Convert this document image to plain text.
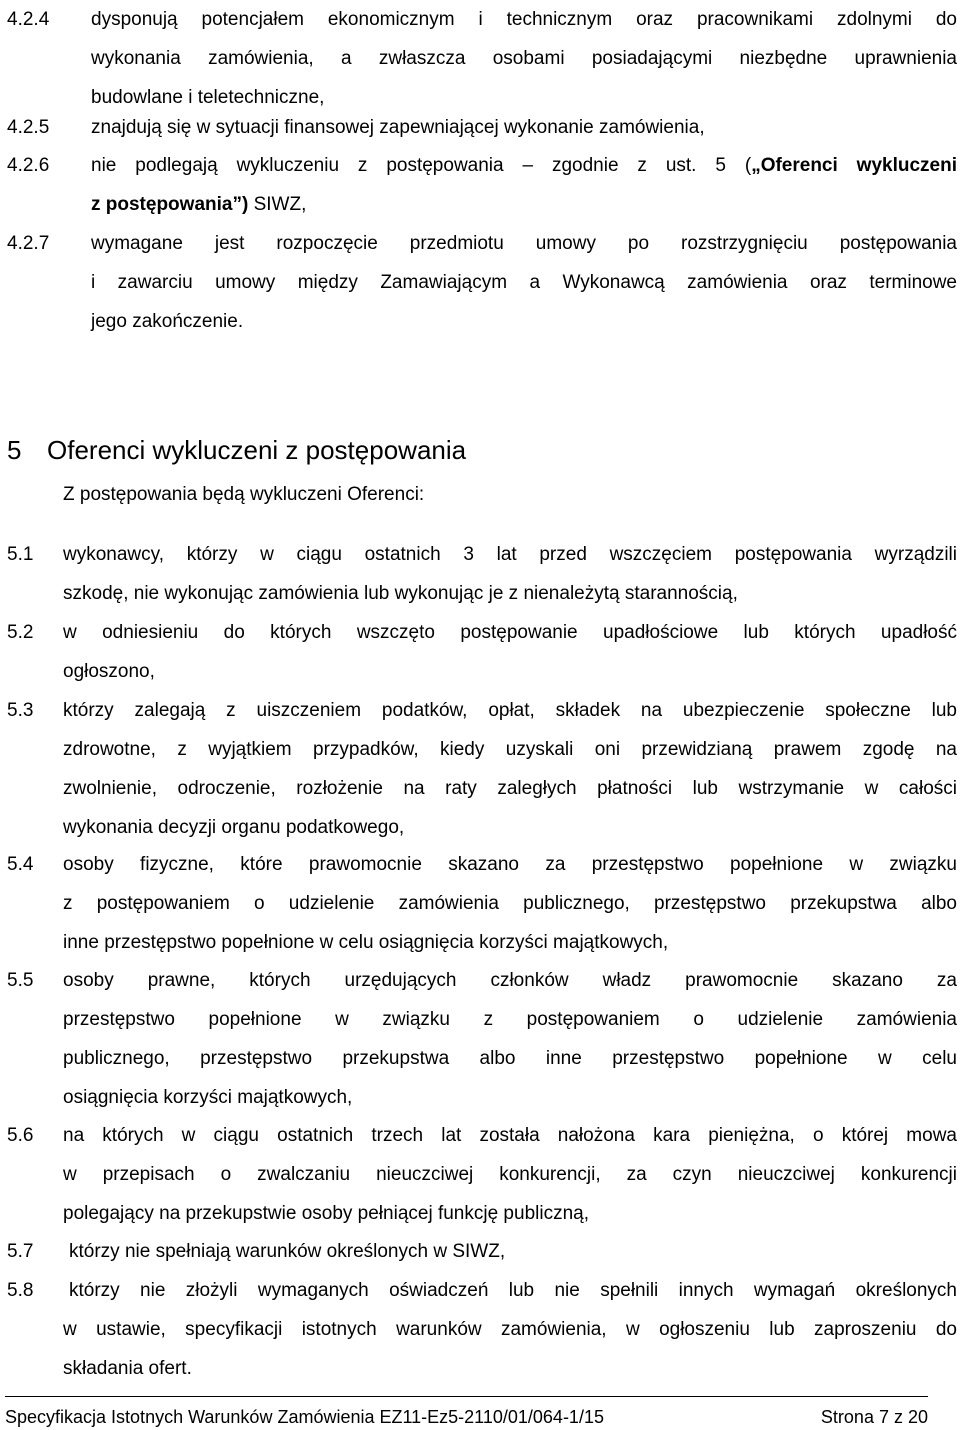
4.2.4 dysponują potencjałem ekonomicznym i technicznym oraz pracownikami zdolnymi do
wykonania zamówienia, a zwłaszcza osobami posiadającymi niezbędne uprawnienia
budowlane i teletechniczne,
4.2.5 znajdują się w sytuacji finansowej zapewniającej wykonanie zamówienia,
4.2.6 nie podlegają wykluczeniu z postępowania – zgodnie z ust. 5 („Oferenci wykluczeni
z postępowania”) SIWZ,
4.2.7 wymagane jest rozpoczęcie przedmiotu umowy po rozstrzygnięciu postępowania
i zawarciu umowy między Zamawiającym a Wykonawcą zamówienia oraz terminowe
jego zakończenie.
5 Oferenci wykluczeni z postępowania
Z postępowania będą wykluczeni Oferenci:
5.1 wykonawcy, którzy w ciągu ostatnich 3 lat przed wszczęciem postępowania wyrządzili
szkodę, nie wykonując zamówienia lub wykonując je z nienależytą starannością,
5.2 w odniesieniu do których wszczęto postępowanie upadłościowe lub których upadłość
ogłoszono,
5.3 którzy zalegają z uiszczeniem podatków, opłat, składek na ubezpieczenie społeczne lub
zdrowotne, z wyjątkiem przypadków, kiedy uzyskali oni przewidzianą prawem zgodę na
zwolnienie, odroczenie, rozłożenie na raty zaległych płatności lub wstrzymanie w całości
wykonania decyzji organu podatkowego,
5.4 osoby fizyczne, które prawomocnie skazano za przestępstwo popełnione w związku
z postępowaniem o udzielenie zamówienia publicznego, przestępstwo przekupstwa albo
inne przestępstwo popełnione w celu osiągnięcia korzyści majątkowych,
5.5 osoby prawne, których urzędujących członków władz prawomocnie skazano za
przestępstwo popełnione w związku z postępowaniem o udzielenie zamówienia
publicznego, przestępstwo przekupstwa albo inne przestępstwo popełnione w celu
osiągnięcia korzyści majątkowych,
5.6 na których w ciągu ostatnich trzech lat została nałożona kara pieniężna, o której mowa
w przepisach o zwalczaniu nieuczciwej konkurencji, za czyn nieuczciwej konkurencji
polegający na przekupstwie osoby pełniącej funkcję publiczną,
5.7 którzy nie spełniają warunków określonych w SIWZ,
5.8	którzy nie złożyli wymaganych oświadczeń lub nie spełnili innych wymagań określonych
w ustawie, specyfikacji istotnych warunków zamówienia, w ogłoszeniu lub zaproszeniu do
składania ofert.
Specyfikacja Istotnych Warunków Zamówienia EZ11-Ez5-2110/01/064-1/15	Strona 7 z 20
